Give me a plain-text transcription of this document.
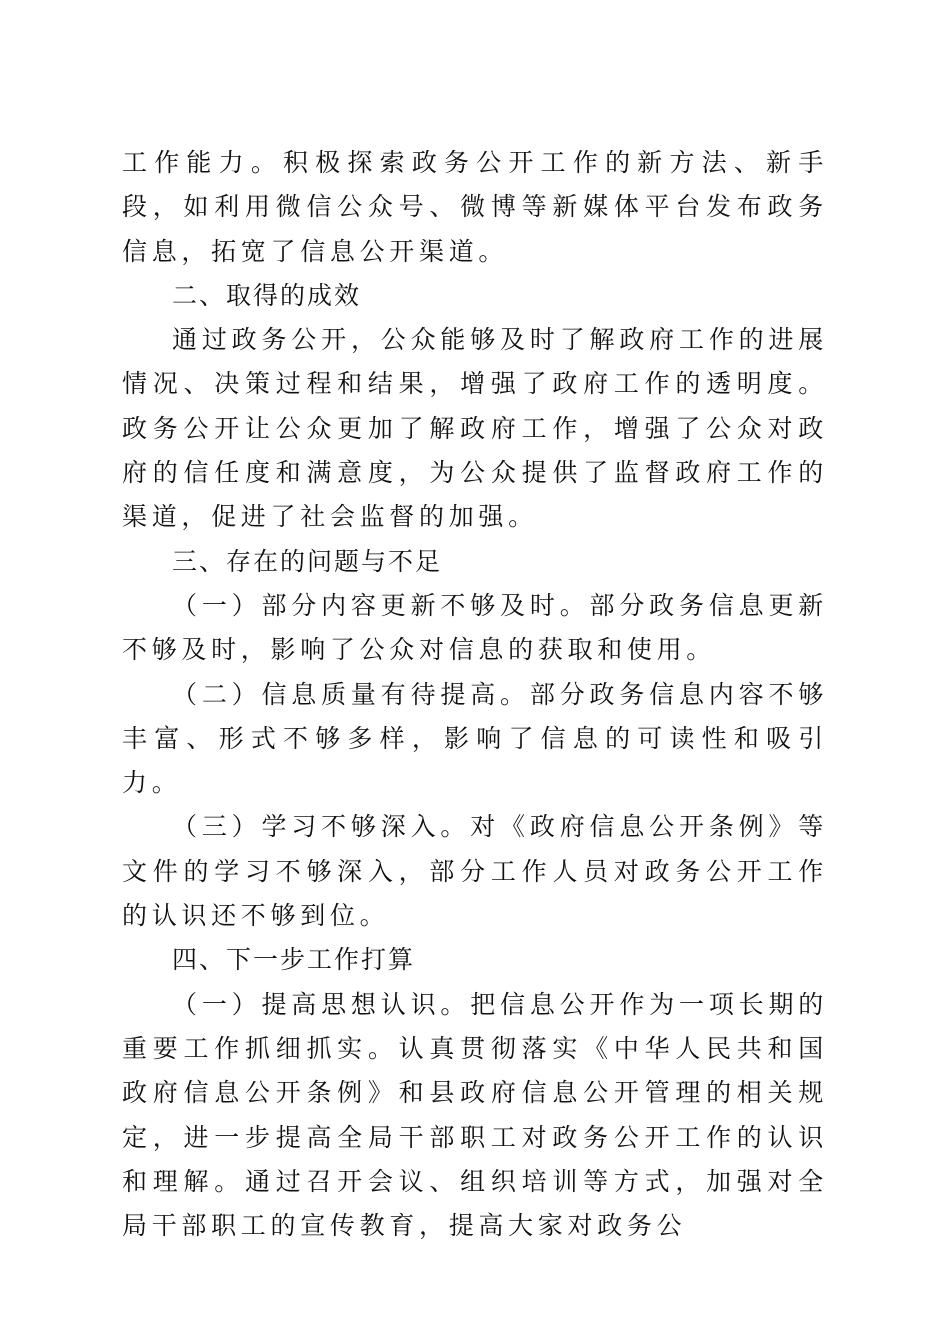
工作能力。积极探索政务公开工作的新方法、新手段，如利用微信公众号、微博等新媒体平台发布政务信息，拓宽了信息公开渠道。

二、取得的成效

通过政务公开，公众能够及时了解政府工作的进展情况、决策过程和结果，增强了政府工作的透明度。政务公开让公众更加了解政府工作，增强了公众对政府的信任度和满意度，为公众提供了监督政府工作的渠道，促进了社会监督的加强。

三、存在的问题与不足

（一）部分内容更新不够及时。部分政务信息更新不够及时，影响了公众对信息的获取和使用。

（二）信息质量有待提高。部分政务信息内容不够丰富、形式不够多样，影响了信息的可读性和吸引力。

（三）学习不够深入。对《政府信息公开条例》等文件的学习不够深入，部分工作人员对政务公开工作的认识还不够到位。

四、下一步工作打算

（一）提高思想认识。把信息公开作为一项长期的重要工作抓细抓实。认真贯彻落实《中华人民共和国政府信息公开条例》和县政府信息公开管理的相关规定，进一步提高全局干部职工对政务公开工作的认识和理解。通过召开会议、组织培训等方式，加强对全局干部职工的宣传教育，提高大家对政务公
